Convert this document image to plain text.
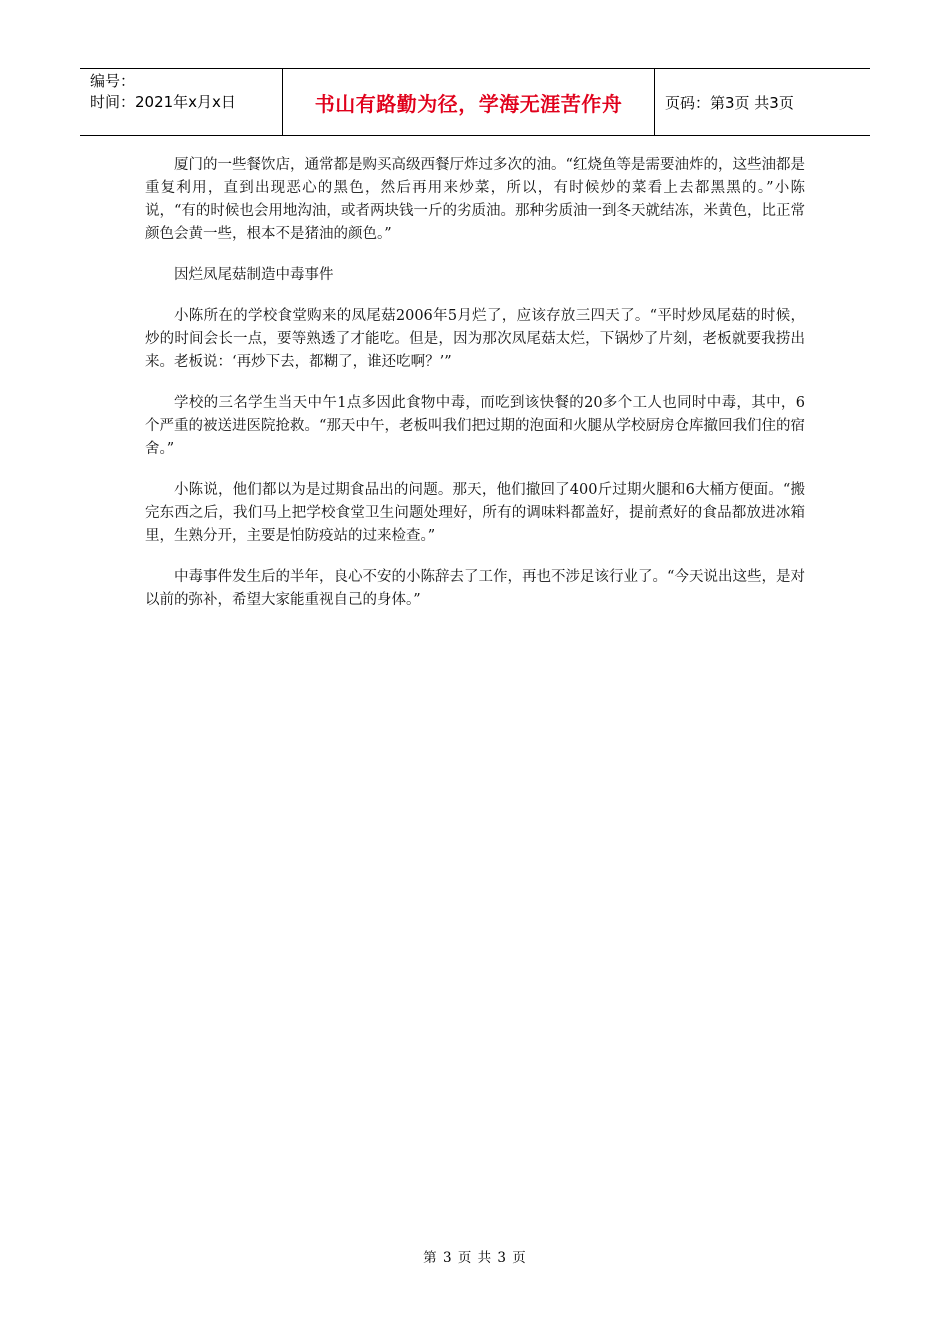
编号：
时间：2021年x月x日	书山有路勤为径，学海无涯苦作舟	页码：第3页 共3页

厦门的一些餐饮店，通常都是购买高级西餐厅炸过多次的油。“红烧鱼等是需要油炸的，这些油都是重复利用，直到出现恶心的黑色，然后再用来炒菜，所以，有时候炒的菜看上去都黑黑的。”小陈说，“有的时候也会用地沟油，或者两块钱一斤的劣质油。那种劣质油一到冬天就结冻，米黄色，比正常颜色会黄一些，根本不是猪油的颜色。”

因烂凤尾菇制造中毒事件

小陈所在的学校食堂购来的凤尾菇2006年5月烂了，应该存放三四天了。“平时炒凤尾菇的时候，炒的时间会长一点，要等熟透了才能吃。但是，因为那次凤尾菇太烂，下锅炒了片刻，老板就要我捞出来。老板说：‘再炒下去，都糊了，谁还吃啊？’”

学校的三名学生当天中午1点多因此食物中毒，而吃到该快餐的20多个工人也同时中毒，其中，6个严重的被送进医院抢救。“那天中午，老板叫我们把过期的泡面和火腿从学校厨房仓库撤回我们住的宿舍。”

小陈说，他们都以为是过期食品出的问题。那天，他们撤回了400斤过期火腿和6大桶方便面。“搬完东西之后，我们马上把学校食堂卫生问题处理好，所有的调味料都盖好，提前煮好的食品都放进冰箱里，生熟分开，主要是怕防疫站的过来检查。”

中毒事件发生后的半年，良心不安的小陈辞去了工作，再也不涉足该行业了。“今天说出这些，是对以前的弥补，希望大家能重视自己的身体。”

第 3 页 共 3 页
